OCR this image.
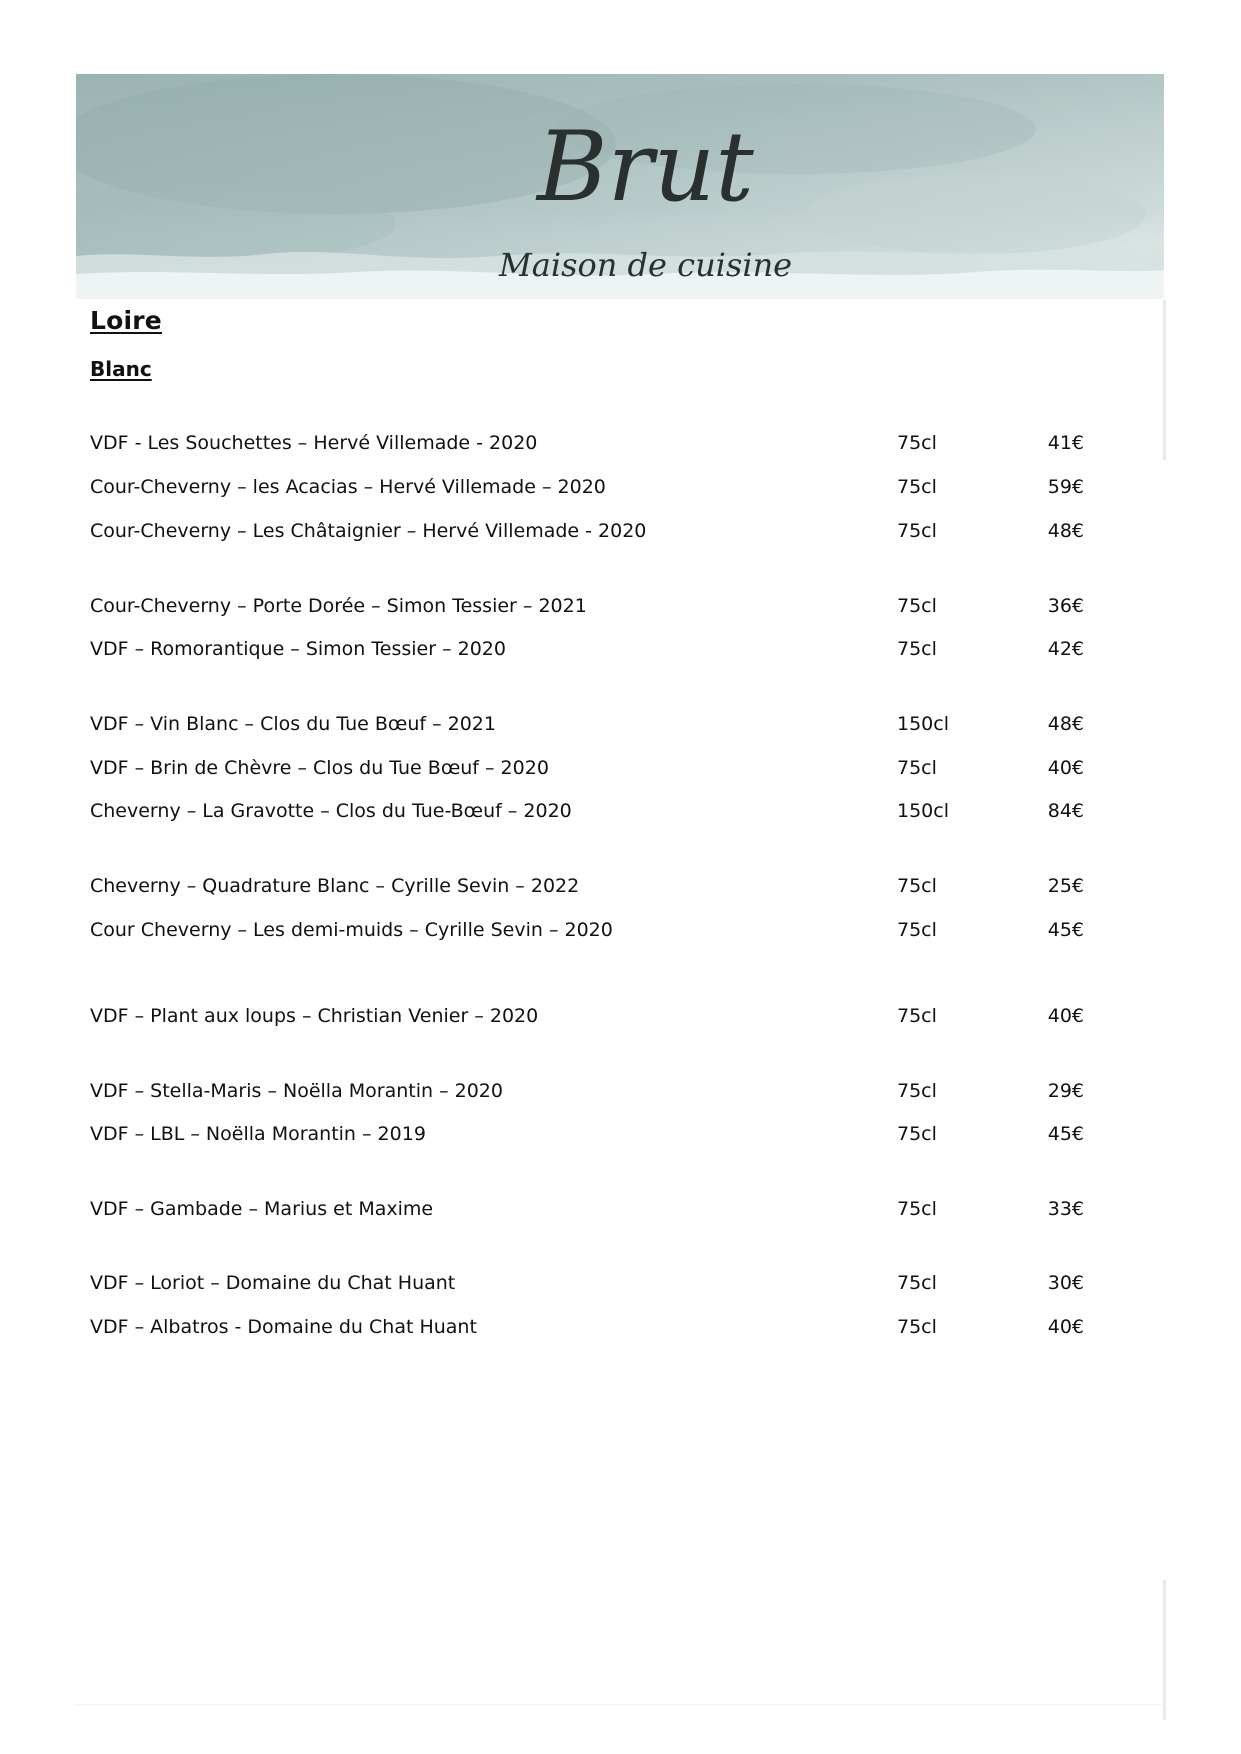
Brut
Maison de cuisine
Loire
Blanc
VDF - Les Souchettes – Hervé Villemade - 2020	75cl	41€
Cour-Cheverny – les Acacias – Hervé Villemade – 2020	75cl	59€
Cour-Cheverny – Les Châtaignier – Hervé Villemade - 2020	75cl	48€
Cour-Cheverny – Porte Dorée – Simon Tessier – 2021	75cl	36€
VDF – Romorantique – Simon Tessier – 2020	75cl	42€
VDF – Vin Blanc – Clos du Tue Bœuf – 2021	150cl	48€
VDF – Brin de Chèvre – Clos du Tue Bœuf – 2020	75cl	40€
Cheverny – La Gravotte – Clos du Tue-Bœuf – 2020	150cl	84€
Cheverny – Quadrature Blanc – Cyrille Sevin – 2022	75cl	25€
Cour Cheverny – Les demi-muids – Cyrille Sevin – 2020	75cl	45€
VDF – Plant aux loups – Christian Venier – 2020	75cl	40€
VDF – Stella-Maris – Noëlla Morantin – 2020	75cl	29€
VDF – LBL – Noëlla Morantin – 2019	75cl	45€
VDF – Gambade – Marius et Maxime	75cl	33€
VDF – Loriot – Domaine du Chat Huant	75cl	30€
VDF – Albatros - Domaine du Chat Huant	75cl	40€
